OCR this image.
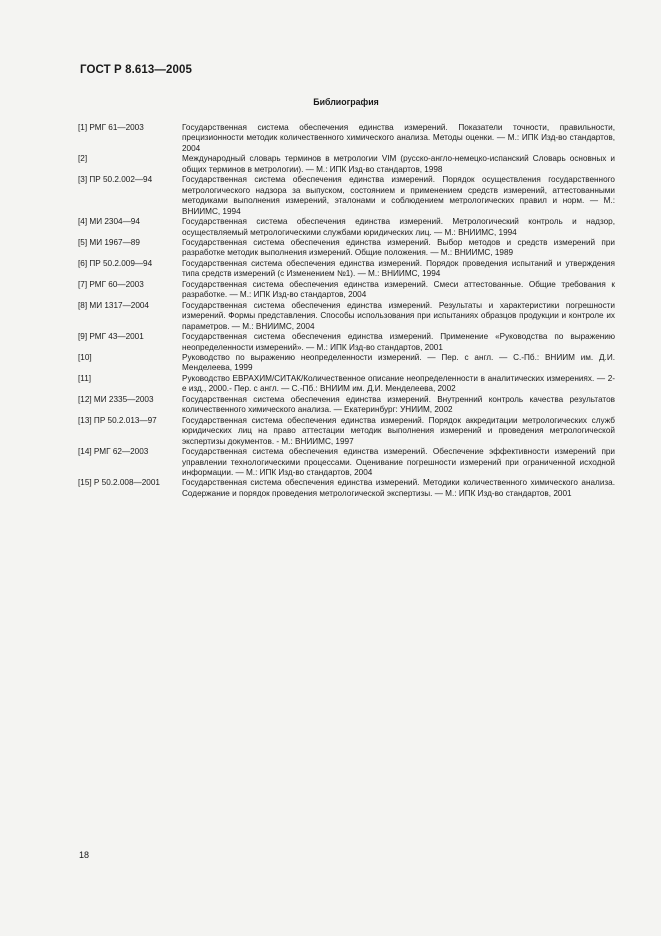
ГОСТ Р 8.613—2005
Библиография
[1] РМГ 61—2003	Государственная система обеспечения единства измерений. Показатели точности, правильности, прецизионности методик количественного химического анализа. Методы оценки. — М.: ИПК Изд-во стандартов, 2004
[2]	Международный словарь терминов в метрологии VIM (русско-англо-немецко-испанский Словарь основных и общих терминов в метрологии). — М.: ИПК Изд-во стандартов, 1998
[3] ПР 50.2.002—94	Государственная система обеспечения единства измерений. Порядок осуществления государственного метрологического надзора за выпуском, состоянием и применением средств измерений, аттестованными методиками выполнения измерений, эталонами и соблюдением метрологических правил и норм. — М.: ВНИИМС, 1994
[4] МИ 2304—94	Государственная система обеспечения единства измерений. Метрологический контроль и надзор, осуществляемый метрологическими службами юридических лиц. — М.: ВНИИМС, 1994
[5] МИ 1967—89	Государственная система обеспечения единства измерений. Выбор методов и средств измерений при разработке методик выполнения измерений. Общие положения. — М.: ВНИИМС, 1989
[6] ПР 50.2.009—94	Государственная система обеспечения единства измерений. Порядок проведения испытаний и утверждения типа средств измерений (с Изменением №1). — М.: ВНИИМС, 1994
[7] РМГ 60—2003	Государственная система обеспечения единства измерений. Смеси аттестованные. Общие требования к разработке. — М.: ИПК Изд-во стандартов, 2004
[8] МИ 1317—2004	Государственная система обеспечения единства измерений. Результаты и характеристики погрешности измерений. Формы представления. Способы использования при испытаниях образцов продукции и контроле их параметров. — М.: ВНИИМС, 2004
[9] РМГ 43—2001	Государственная система обеспечения единства измерений. Применение «Руководства по выражению неопределенности измерений». — М.: ИПК Изд-во стандартов, 2001
[10]	Руководство по выражению неопределенности измерений. — Пер. с англ. — С.-Пб.: ВНИИМ им. Д.И. Менделеева, 1999
[11]	Руководство ЕВРАХИМ/СИТАК/Количественное описание неопределенности в аналитических измерениях. — 2-е изд., 2000.- Пер. с англ. — С.-Пб.: ВНИИМ им. Д.И. Менделеева, 2002
[12] МИ 2335—2003	Государственная система обеспечения единства измерений. Внутренний контроль качества результатов количественного химического анализа. — Екатеринбург: УНИИМ, 2002
[13] ПР 50.2.013—97	Государственная система обеспечения единства измерений. Порядок аккредитации метрологических служб юридических лиц на право аттестации методик выполнения измерений и проведения метрологической экспертизы документов. - М.: ВНИИМС, 1997
[14] РМГ 62—2003	Государственная система обеспечения единства измерений. Обеспечение эффективности измерений при управлении технологическими процессами. Оценивание погрешности измерений при ограниченной исходной информации. — М.: ИПК Изд-во стандартов, 2004
[15] Р 50.2.008—2001	Государственная система обеспечения единства измерений. Методики количественного химического анализа. Содержание и порядок проведения метрологической экспертизы. — М.: ИПК Изд-во стандартов, 2001
18
